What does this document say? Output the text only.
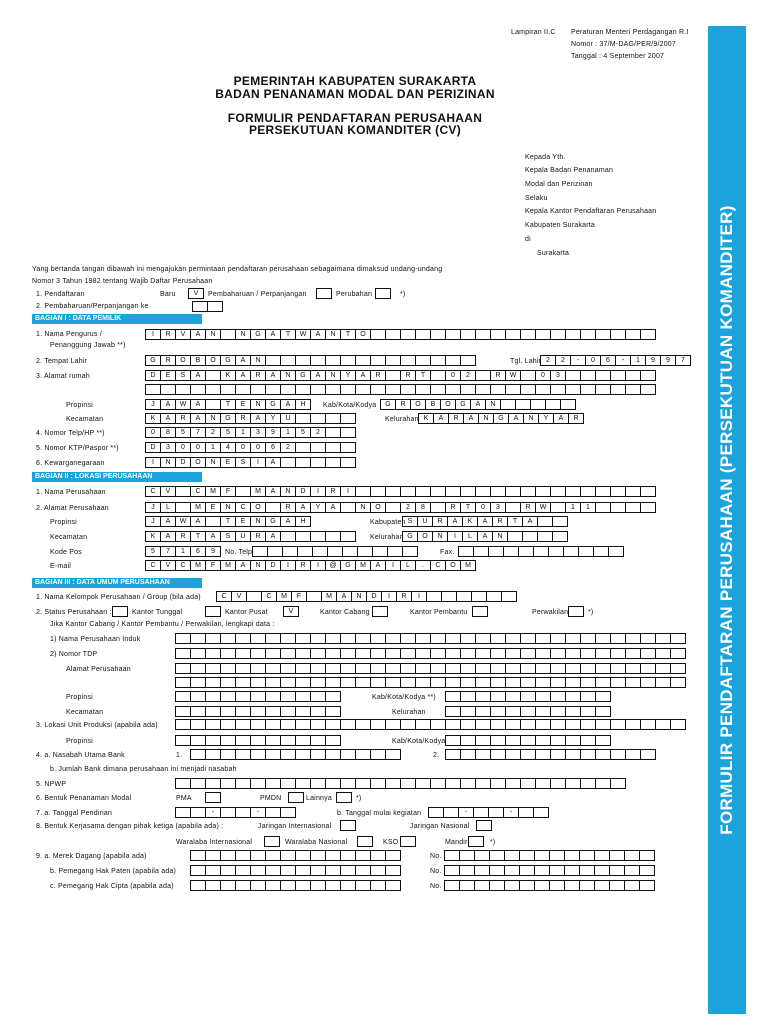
Lampiran II.C Peraturan Menteri Perdagangan R.I
Nomor : 37/M-DAG/PER/9/2007
Tanggal : 4 September 2007
PEMERINTAH KABUPATEN SURAKARTA
BADAN PENANAMAN MODAL DAN PERIZINAN
FORMULIR PENDAFTARAN PERUSAHAAN
PERSEKUTUAN KOMANDITER (CV)
Kepada Yth.
Kepala Badan Penanaman
Modal dan Perizinan
Selaku
Kepala Kantor Pendaftaran Perusahaan
Kabupaten Surakarta
di
Surakarta	FORMULIR PENDAFTARAN PERUSAHAAN (PERSEKUTUAN KOMANDITER)
Yang bertanda tangan dibawah ini mengajukan permintaan pendaftaran perusahaan sebagaimana dimaksud undang-undang
Nomor 3 Tahun 1982 tentang Wajib Daftar Perusahaan
1. Pendaftaran	Baru	V	Pembaharuan / Perpanjangan	Perubahan	*)
2. Pembaharuan/Perpanjangan ke
BAGIAN I : DATA PEMILIK
1. Nama Pengurus /
Penanggung Jawab **)
I	R	V	A	N	N	G	A	T	W	A	N	T	O
2. Tempat Lahir	G	R	O	B	O	G	A	N	Tgl. Lahir 2	2	-	0	6	-	1	9	9	7
3. Alamat rumah	D	E	S	A	K	A	R	A	N	G	A	N	Y	A	R	R	T	0	2	R	W	0	3
Propinsi	J	A	W	A	T	E	N	G	A	H	Kab/Kota/Kodya	G	R	O	B	O	G	A	N
Kecamatan	K	A	R	A	N	G	R	A	Y	U	Kelurahan K	A	R	A	N	G	A	N	Y	A	R
4. Nomor Telp/HP **)	0	8	5	7	2	5	1	3	9	1	5	2
5. Nomor KTP/Paspor **)	D	3	0	0	1	4	0	0	6	2
6. Kewarganegaraan	I	N	D	O	N	E	S	I	A
BAGIAN II : LOKASI PERUSAHAAN
1. Nama Perusahaan	C	V	C	M	F	M	A	N	D	I	R	I
2. Alamat Perusahaan	J	L	M	E	N	C	O	R	A	Y	A	N	O	2	8	R	T	0	3	R	W	1	1
Propinsi	J	A	W	A	T	E	N	G	A	H	Kabupaten S	U	R	A	K	A	R	T	A
Kecamatan	K	A	R	T	A	S	U	R	A	Kelurahan G	O	N	I	L	A	N
Kode Pos	5	7	1	6	9	No. Telp	Fax.
E-mail	C	V	C	M	F	M	A	N	D	I	R	I	@	G	M	A	I	L	.	C	O	M
BAGIAN III : DATA UMUM PERUSAHAAN
1. Nama Kelompok Perusahaan / Group (bila ada)	C	V	C	M	F	M	A	N	D	I	R	I
2. Status Perusahaan :	Kantor Tunggal	Kantor Pusat	V	Kantor Cabang	Kantor Pembantu	Perwakilan	*)
Jika Kantor Cabang / Kantor Pembantu / Perwakilan, lengkapi data :
1) Nama Perusahaan Induk
2) Nomor TDP
Alamat Perusahaan
Propinsi	Kab/Kota/Kodya **)
Kecamatan	Kelurahan
3. Lokasi Unit Produksi (apabila ada)
Propinsi	Kab/Kota/Kodya
4. a. Nasabah Utama Bank	1.	2.
b. Jumlah Bank dimana perusahaan ini menjadi nasabah
5. NPWP
6. Bentuk Penanaman Modal	PMA	PMDN	Lainnya	*)
7. a. Tanggal Pendirian	-	-	b. Tanggal mulai kegiatan	-	-
8. Bentuk Kerjasama dengan pihak ketiga (apabila ada) :	Jaringan Internasional	Jaringan Nasional
Waralaba Internasional	Waralaba Nasional	KSO	Mandiri	*)
9. a. Merek Dagang (apabila ada)	No.
b. Pemegang Hak Paten (apabila ada)	No.
c. Pemegang Hak Cipta (apabila ada)	No.
